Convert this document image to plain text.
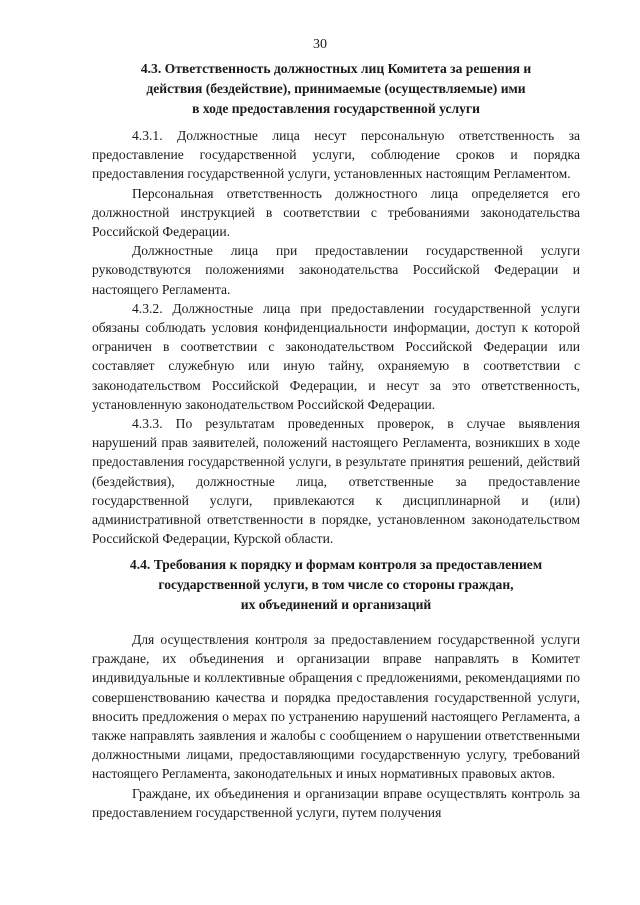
30
4.3. Ответственность должностных лиц Комитета за решения и
действия (бездействие), принимаемые (осуществляемые) ими
в ходе предоставления государственной услуги

4.3.1. Должностные лица несут персональную ответственность за предоставление государственной услуги, соблюдение сроков и порядка предоставления государственной услуги, установленных настоящим Регламентом.

Персональная ответственность должностного лица определяется его должностной инструкцией в соответствии с требованиями законодательства Российской Федерации.

Должностные лица при предоставлении государственной услуги руководствуются положениями законодательства Российской Федерации и настоящего Регламента.

4.3.2. Должностные лица при предоставлении государственной услуги обязаны соблюдать условия конфиденциальности информации, доступ к которой ограничен в соответствии с законодательством Российской Федерации или составляет служебную или иную тайну, охраняемую в соответствии с законодательством Российской Федерации, и несут за это ответственность, установленную законодательством Российской Федерации.

4.3.3. По результатам проведенных проверок, в случае выявления нарушений прав заявителей, положений настоящего Регламента, возникших в ходе предоставления государственной услуги, в результате принятия решений, действий (бездействия), должностные лица, ответственные за предоставление государственной услуги, привлекаются к дисциплинарной и (или) административной ответственности в порядке, установленном законодательством Российской Федерации, Курской области.

4.4. Требования к порядку и формам контроля за предоставлением
государственной услуги, в том числе со стороны граждан,
их объединений и организаций

Для осуществления контроля за предоставлением государственной услуги граждане, их объединения и организации вправе направлять в Комитет индивидуальные и коллективные обращения с предложениями, рекомендациями по совершенствованию качества и порядка предоставления государственной услуги, вносить предложения о мерах по устранению нарушений настоящего Регламента, а также направлять заявления и жалобы с сообщением о нарушении ответственными должностными лицами, предоставляющими государственную услугу, требований настоящего Регламента, законодательных и иных нормативных правовых актов.

Граждане, их объединения и организации вправе осуществлять контроль за предоставлением государственной услуги, путем получения
